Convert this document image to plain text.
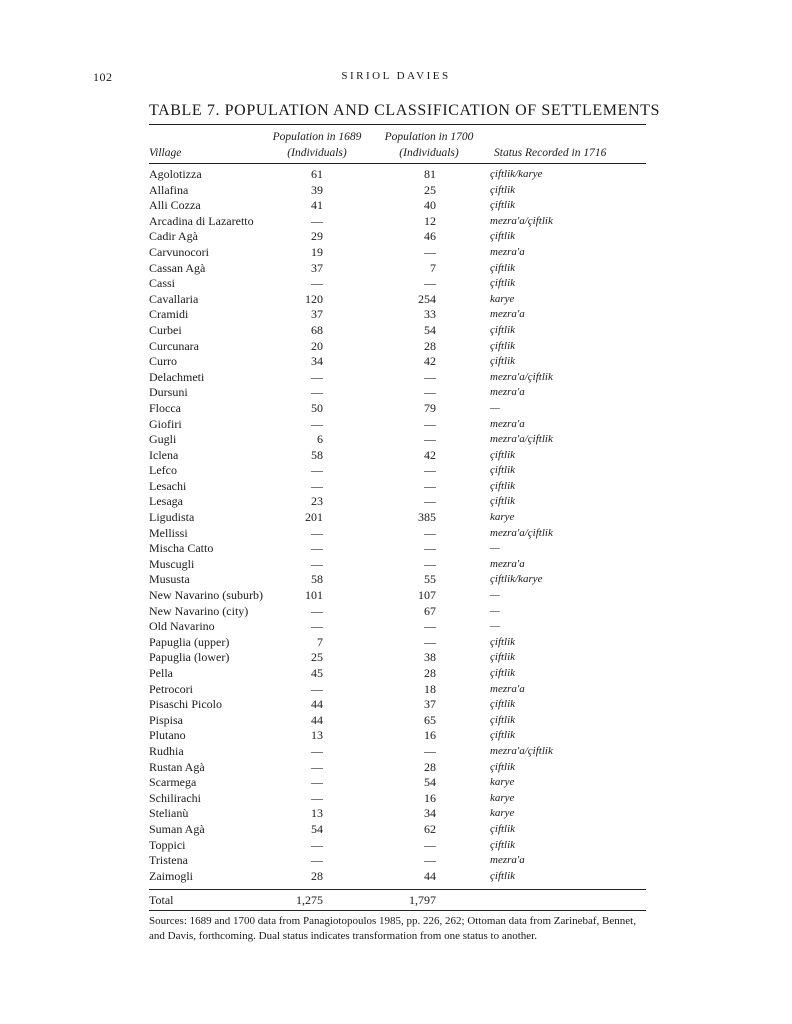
102	SIRIOL DAVIES
TABLE 7. POPULATION AND CLASSIFICATION OF SETTLEMENTS
Population in 1689
(Individuals)
Population in 1700
(Individuals)
Village	Status Recorded in 1716
Agolotizza	61	81	çiftlik/karye
Allafina	39	25	çiftlik
Alli Cozza	41	40	çiftlik
Arcadina di Lazaretto	—	12	mezra'a/çiftlik
Cadir Agà	29	46	çiftlik
Carvunocori	19	—	mezra'a
Cassan Agà	37	7	çiftlik
Cassi	—	—	çiftlik
Cavallaria	120	254	karye
Cramidi	37	33	mezra'a
Curbei	68	54	çiftlik
Curcunara	20	28	çiftlik
Curro	34	42	çiftlik
Delachmeti	—	—	mezra'a/çiftlik
Dursuni	—	—	mezra'a
Flocca	50	79	—
Giofiri	—	—	mezra'a
Gugli	6	—	mezra'a/çiftlik
Iclena	58	42	çiftlik
Lefco	—	—	çiftlik
Lesachi	—	—	çiftlik
Lesaga	23	—	çiftlik
Ligudista	201	385	karye
Mellissi	—	—	mezra'a/çiftlik
Mischa Catto	—	—	—
Muscugli	—	—	mezra'a
Mususta	58	55	çiftlik/karye
New Navarino (suburb)	101	107	—
New Navarino (city)	—	67	—
Old Navarino	—	—	—
Papuglia (upper)	7	—	çiftlik
Papuglia (lower)	25	38	çiftlik
Pella	45	28	çiftlik
Petrocori	—	18	mezra'a
Pisaschi Picolo	44	37	çiftlik
Pispisa	44	65	çiftlik
Plutano	13	16	çiftlik
Rudhia	—	—	mezra'a/çiftlik
Rustan Agà	—	28	çiftlik
Scarmega	—	54	karye
Schilirachi	—	16	karye
Stelianù	13	34	karye
Suman Agà	54	62	çiftlik
Toppici	—	—	çiftlik
Tristena	—	—	mezra'a
Zaimogli	28	44	çiftlik
Total	1,275	1,797
Sources: 1689 and 1700 data from Panagiotopoulos 1985, pp. 226, 262; Ottoman data from Zarinebaf, Bennet, and Davis, forthcoming. Dual status indicates transformation from one status to another.
